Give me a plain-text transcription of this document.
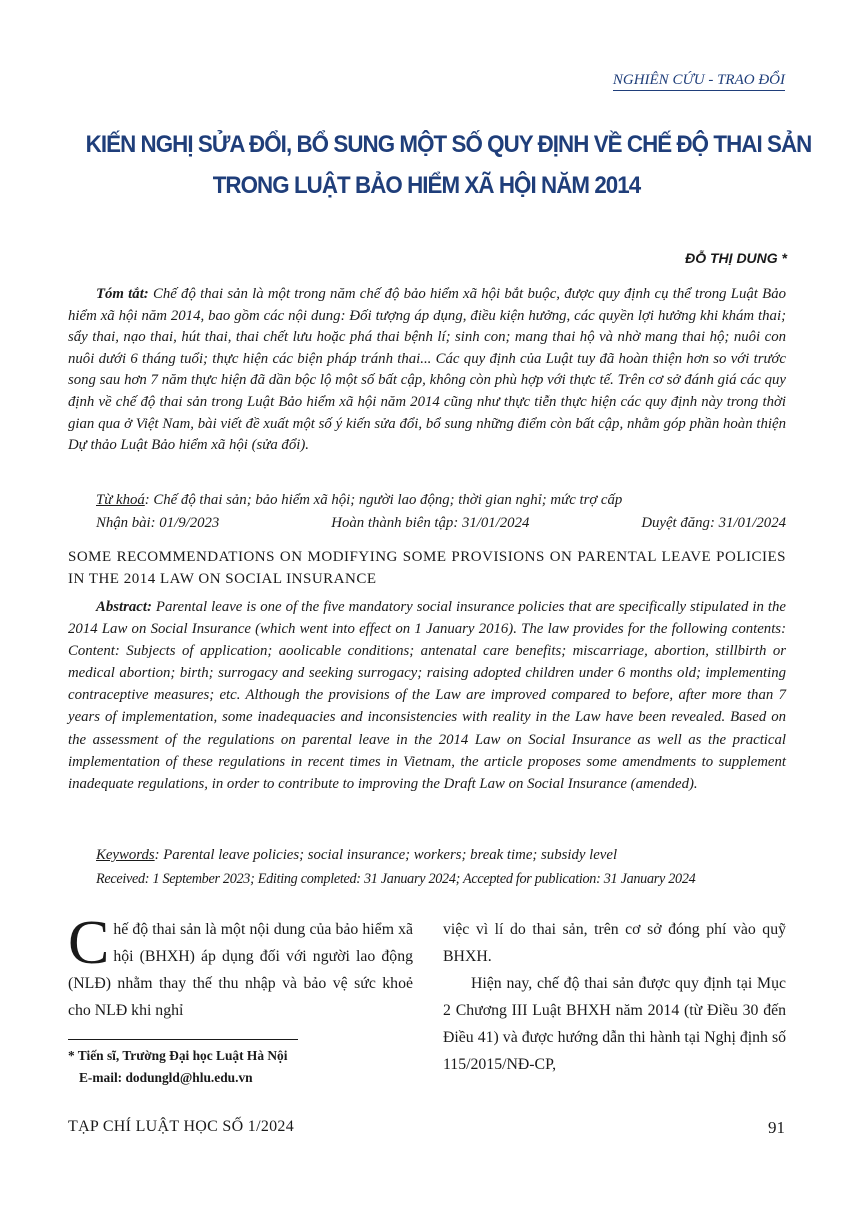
NGHIÊN CỨU - TRAO ĐỔI
KIẾN NGHỊ SỬA ĐỔI, BỔ SUNG MỘT SỐ QUY ĐỊNH VỀ CHẾ ĐỘ THAI SẢN
TRONG LUẬT BẢO HIỂM XÃ HỘI NĂM 2014
ĐỖ THỊ DUNG *
Tóm tắt: Chế độ thai sản là một trong năm chế độ bảo hiểm xã hội bắt buộc, được quy định cụ thể trong Luật Bảo hiểm xã hội năm 2014, bao gồm các nội dung: Đối tượng áp dụng, điều kiện hưởng, các quyền lợi hưởng khi khám thai; sẩy thai, nạo thai, hút thai, thai chết lưu hoặc phá thai bệnh lí; sinh con; mang thai hộ và nhờ mang thai hộ; nuôi con nuôi dưới 6 tháng tuổi; thực hiện các biện pháp tránh thai... Các quy định của Luật tuy đã hoàn thiện hơn so với trước song sau hơn 7 năm thực hiện đã dần bộc lộ một số bất cập, không còn phù hợp với thực tế. Trên cơ sở đánh giá các quy định về chế độ thai sản trong Luật Bảo hiểm xã hội năm 2014 cũng như thực tiễn thực hiện các quy định này trong thời gian qua ở Việt Nam, bài viết đề xuất một số ý kiến sửa đổi, bổ sung những điểm còn bất cập, nhằm góp phần hoàn thiện Dự thảo Luật Bảo hiểm xã hội (sửa đổi).
Từ khoá: Chế độ thai sản; bảo hiểm xã hội; người lao động; thời gian nghỉ; mức trợ cấp
Nhận bài: 01/9/2023	Hoàn thành biên tập: 31/01/2024	Duyệt đăng: 31/01/2024
SOME RECOMMENDATIONS ON MODIFYING SOME PROVISIONS ON PARENTAL LEAVE POLICIES IN THE 2014 LAW ON SOCIAL INSURANCE
Abstract: Parental leave is one of the five mandatory social insurance policies that are specifically stipulated in the 2014 Law on Social Insurance (which went into effect on 1 January 2016). The law provides for the following contents: Content: Subjects of application; aoolicable conditions; antenatal care benefits; miscarriage, abortion, stillbirth or medical abortion; birth; surrogacy and seeking surrogacy; raising adopted children under 6 months old; implementing contraceptive measures; etc. Although the provisions of the Law are improved compared to before, after more than 7 years of implementation, some inadequacies and inconsistencies with reality in the Law have been revealed. Based on the assessment of the regulations on parental leave in the 2014 Law on Social Insurance as well as the practical implementation of these regulations in recent times in Vietnam, the article proposes some amendments to supplement inadequate regulations, in order to contribute to improving the Draft Law on Social Insurance (amended).
Keywords: Parental leave policies; social insurance; workers; break time; subsidy level
Received: 1 September 2023; Editing completed: 31 January 2024; Accepted for publication: 31 January 2024
Chế độ thai sản là một nội dung của bảo hiểm xã hội (BHXH) áp dụng đối với người lao động (NLĐ) nhằm thay thế thu nhập và bảo vệ sức khoẻ cho NLĐ khi nghỉ
* Tiến sĩ, Trường Đại học Luật Hà Nội
E-mail: dodungld@hlu.edu.vn

việc vì lí do thai sản, trên cơ sở đóng phí vào quỹ BHXH.

Hiện nay, chế độ thai sản được quy định tại Mục 2 Chương III Luật BHXH năm 2014 (từ Điều 30 đến Điều 41) và được hướng dẫn thi hành tại Nghị định số 115/2015/NĐ-CP,

TẠP CHÍ LUẬT HỌC SỐ 1/2024	91
